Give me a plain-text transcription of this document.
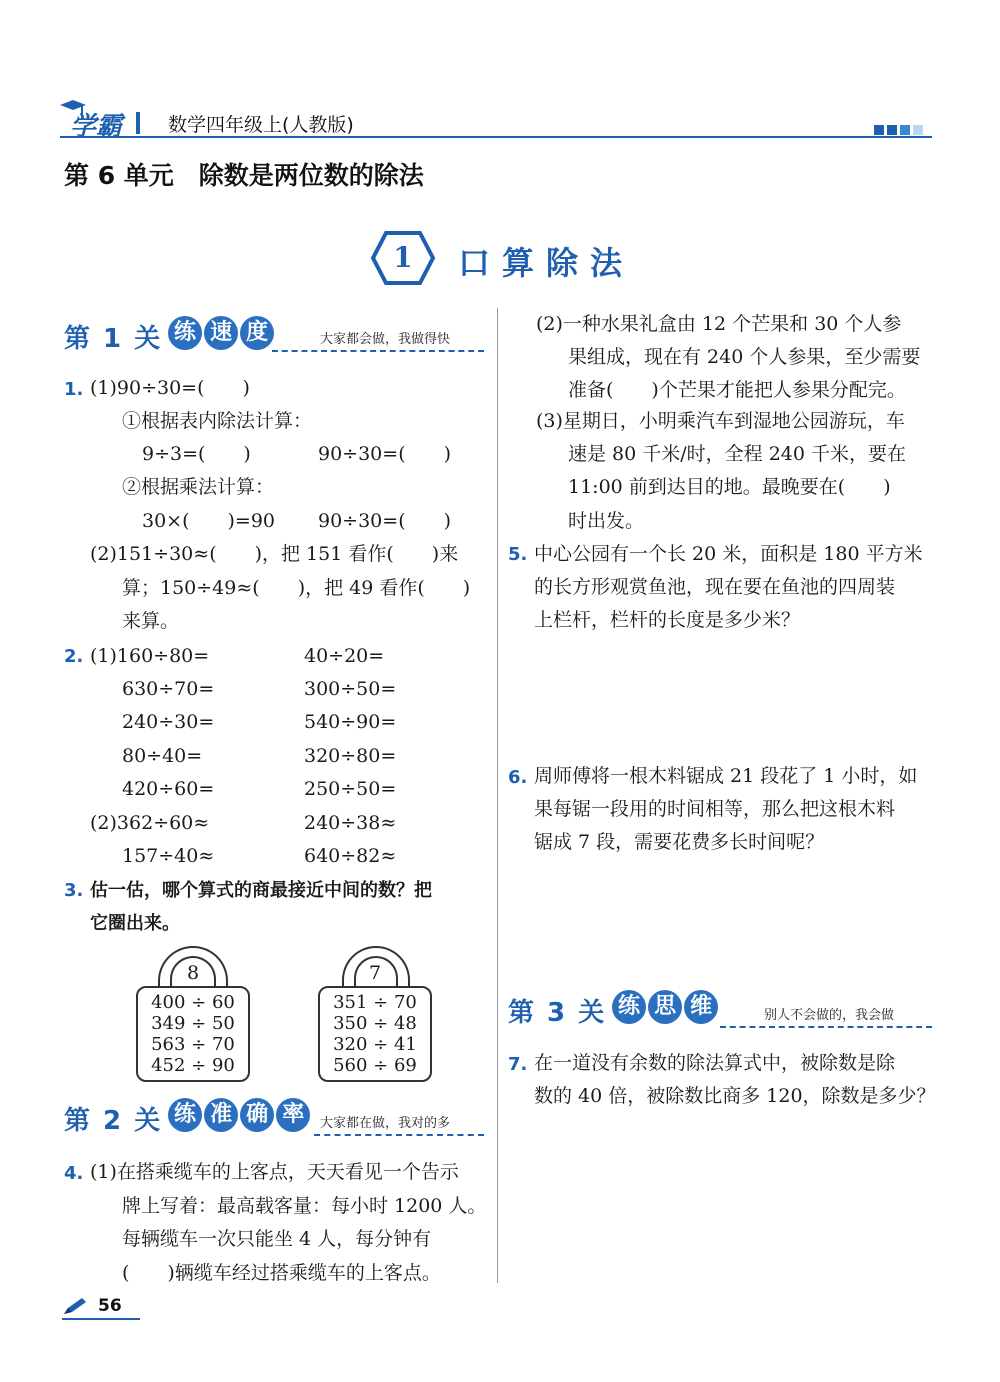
学霸 数学四年级上(人教版)
第 6 单元　除数是两位数的除法
1	口算除法
第 1 关 练 速 度	大家都会做，我做得快
1. (1)90÷30=(　　)
①根据表内除法计算：
9÷3=(　　)	90÷30=(　　)
②根据乘法计算：
30×(　　)=90 90÷30=(　　)
(2)151÷30≈(　　)，把 151 看作(　　)来
算；150÷49≈(　　)，把 49 看作(　　)
来算。
2. (1)160÷80=	40÷20=
630÷70=	300÷50=
240÷30=	540÷90=
80÷40=	320÷80=
420÷60=	250÷50=
(2)362÷60≈	240÷38≈
157÷40≈	640÷82≈
3. 估一估，哪个算式的商最接近中间的数？把
它圈出来。
8
400 ÷ 60
349 ÷ 50
563 ÷ 70
452 ÷ 90
7
351 ÷ 70
350 ÷ 48
320 ÷ 41
560 ÷ 69
第 2 关 练 准 确 率 大家都在做，我对的多
4. (1)在搭乘缆车的上客点，天天看见一个告示
牌上写着：最高载客量：每小时 1200 人。
每辆缆车一次只能坐 4 人，每分钟有
(　　)辆缆车经过搭乘缆车的上客点。
(2)一种水果礼盒由 12 个芒果和 30 个人参
果组成，现在有 240 个人参果，至少需要
准备(　　)个芒果才能把人参果分配完。
(3)星期日，小明乘汽车到湿地公园游玩，车
速是 80 千米/时，全程 240 千米，要在
11:00 前到达目的地。最晚要在(　　)
时出发。
5. 中心公园有一个长 20 米，面积是 180 平方米
的长方形观赏鱼池，现在要在鱼池的四周装
上栏杆，栏杆的长度是多少米？
6. 周师傅将一根木料锯成 21 段花了 1 小时，如
果每锯一段用的时间相等，那么把这根木料
锯成 7 段，需要花费多长时间呢？
第 3 关 练 思 维	别人不会做的，我会做
7. 在一道没有余数的除法算式中，被除数是除
数的 40 倍，被除数比商多 120，除数是多少？
56
